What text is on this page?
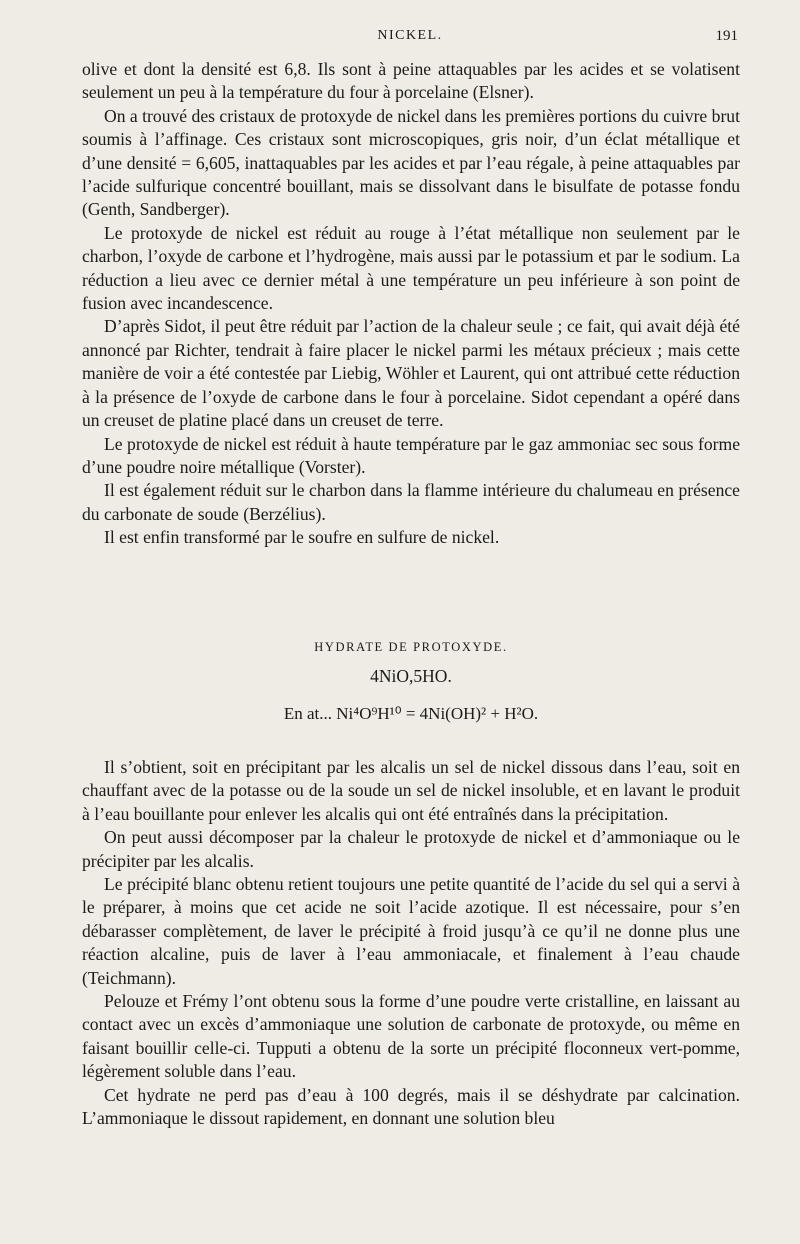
NICKEL.	191

olive et dont la densité est 6,8. Ils sont à peine attaquables par les acides et se volatisent seulement un peu à la température du four à porcelaine (Elsner).

On a trouvé des cristaux de protoxyde de nickel dans les premières portions du cuivre brut soumis à l’affinage. Ces cristaux sont microscopiques, gris noir, d’un éclat métallique et d’une densité = 6,605, inattaquables par les acides et par l’eau régale, à peine attaquables par l’acide sulfurique concentré bouillant, mais se dissolvant dans le bisulfate de potasse fondu (Genth, Sandberger).

Le protoxyde de nickel est réduit au rouge à l’état métallique non seulement par le charbon, l’oxyde de carbone et l’hydrogène, mais aussi par le potassium et par le sodium. La réduction a lieu avec ce dernier métal à une température un peu inférieure à son point de fusion avec incandescence.

D’après Sidot, il peut être réduit par l’action de la chaleur seule ; ce fait, qui avait déjà été annoncé par Richter, tendrait à faire placer le nickel parmi les métaux précieux ; mais cette manière de voir a été contestée par Liebig, Wöhler et Laurent, qui ont attribué cette réduction à la présence de l’oxyde de carbone dans le four à porcelaine. Sidot cependant a opéré dans un creuset de platine placé dans un creuset de terre.

Le protoxyde de nickel est réduit à haute température par le gaz ammoniac sec sous forme d’une poudre noire métallique (Vorster).

Il est également réduit sur le charbon dans la flamme intérieure du chalumeau en présence du carbonate de soude (Berzélius).

Il est enfin transformé par le soufre en sulfure de nickel.

HYDRATE DE PROTOXYDE.
4NiO,5HO.
En at... Ni⁴O⁹H¹⁰ = 4Ni(OH)² + H²O.

Il s’obtient, soit en précipitant par les alcalis un sel de nickel dissous dans l’eau, soit en chauffant avec de la potasse ou de la soude un sel de nickel insoluble, et en lavant le produit à l’eau bouillante pour enlever les alcalis qui ont été entraînés dans la précipitation.

On peut aussi décomposer par la chaleur le protoxyde de nickel et d’ammoniaque ou le précipiter par les alcalis.

Le précipité blanc obtenu retient toujours une petite quantité de l’acide du sel qui a servi à le préparer, à moins que cet acide ne soit l’acide azotique. Il est nécessaire, pour s’en débarasser complètement, de laver le précipité à froid jusqu’à ce qu’il ne donne plus une réaction alcaline, puis de laver à l’eau ammoniacale, et finalement à l’eau chaude (Teichmann).

Pelouze et Frémy l’ont obtenu sous la forme d’une poudre verte cristalline, en laissant au contact avec un excès d’ammoniaque une solution de carbonate de protoxyde, ou même en faisant bouillir celle-ci. Tupputi a obtenu de la sorte un précipité floconneux vert-pomme, légèrement soluble dans l’eau.

Cet hydrate ne perd pas d’eau à 100 degrés, mais il se déshydrate par calcination. L’ammoniaque le dissout rapidement, en donnant une solution bleu
